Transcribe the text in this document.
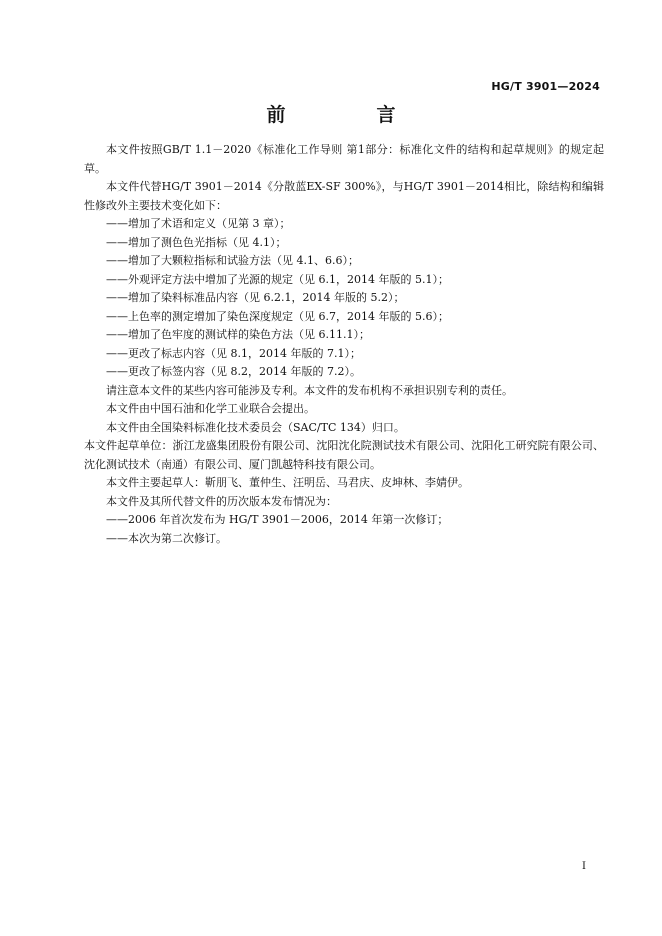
HG/T 3901—2024
前　言

本文件按照GB/T 1.1－2020《标准化工作导则 第1部分：标准化文件的结构和起草规则》的规定起草。

本文件代替HG/T 3901－2014《分散蓝EX-SF 300%》，与HG/T 3901－2014相比，除结构和编辑性修改外主要技术变化如下：

——增加了术语和定义（见第 3 章）；

——增加了测色色光指标（见 4.1）；

——增加了大颗粒指标和试验方法（见 4.1、6.6）；

——外观评定方法中增加了光源的规定（见 6.1，2014 年版的 5.1）；

——增加了染料标准品内容（见 6.2.1，2014 年版的 5.2）；

——上色率的测定增加了染色深度规定（见 6.7，2014 年版的 5.6）；

——增加了色牢度的测试样的染色方法（见 6.11.1）；

——更改了标志内容（见 8.1，2014 年版的 7.1）；

——更改了标签内容（见 8.2，2014 年版的 7.2）。

请注意本文件的某些内容可能涉及专利。本文件的发布机构不承担识别专利的责任。

本文件由中国石油和化学工业联合会提出。

本文件由全国染料标准化技术委员会（SAC/TC 134）归口。

本文件起草单位：浙江龙盛集团股份有限公司、沈阳沈化院测试技术有限公司、沈阳化工研究院有限公司、沈化测试技术（南通）有限公司、厦门凯越特科技有限公司。

本文件主要起草人：靳朋飞、董仲生、汪明岳、马君庆、皮坤林、李婧伊。

本文件及其所代替文件的历次版本发布情况为：

——2006 年首次发布为 HG/T 3901－2006，2014 年第一次修订；

——本次为第二次修订。

I
